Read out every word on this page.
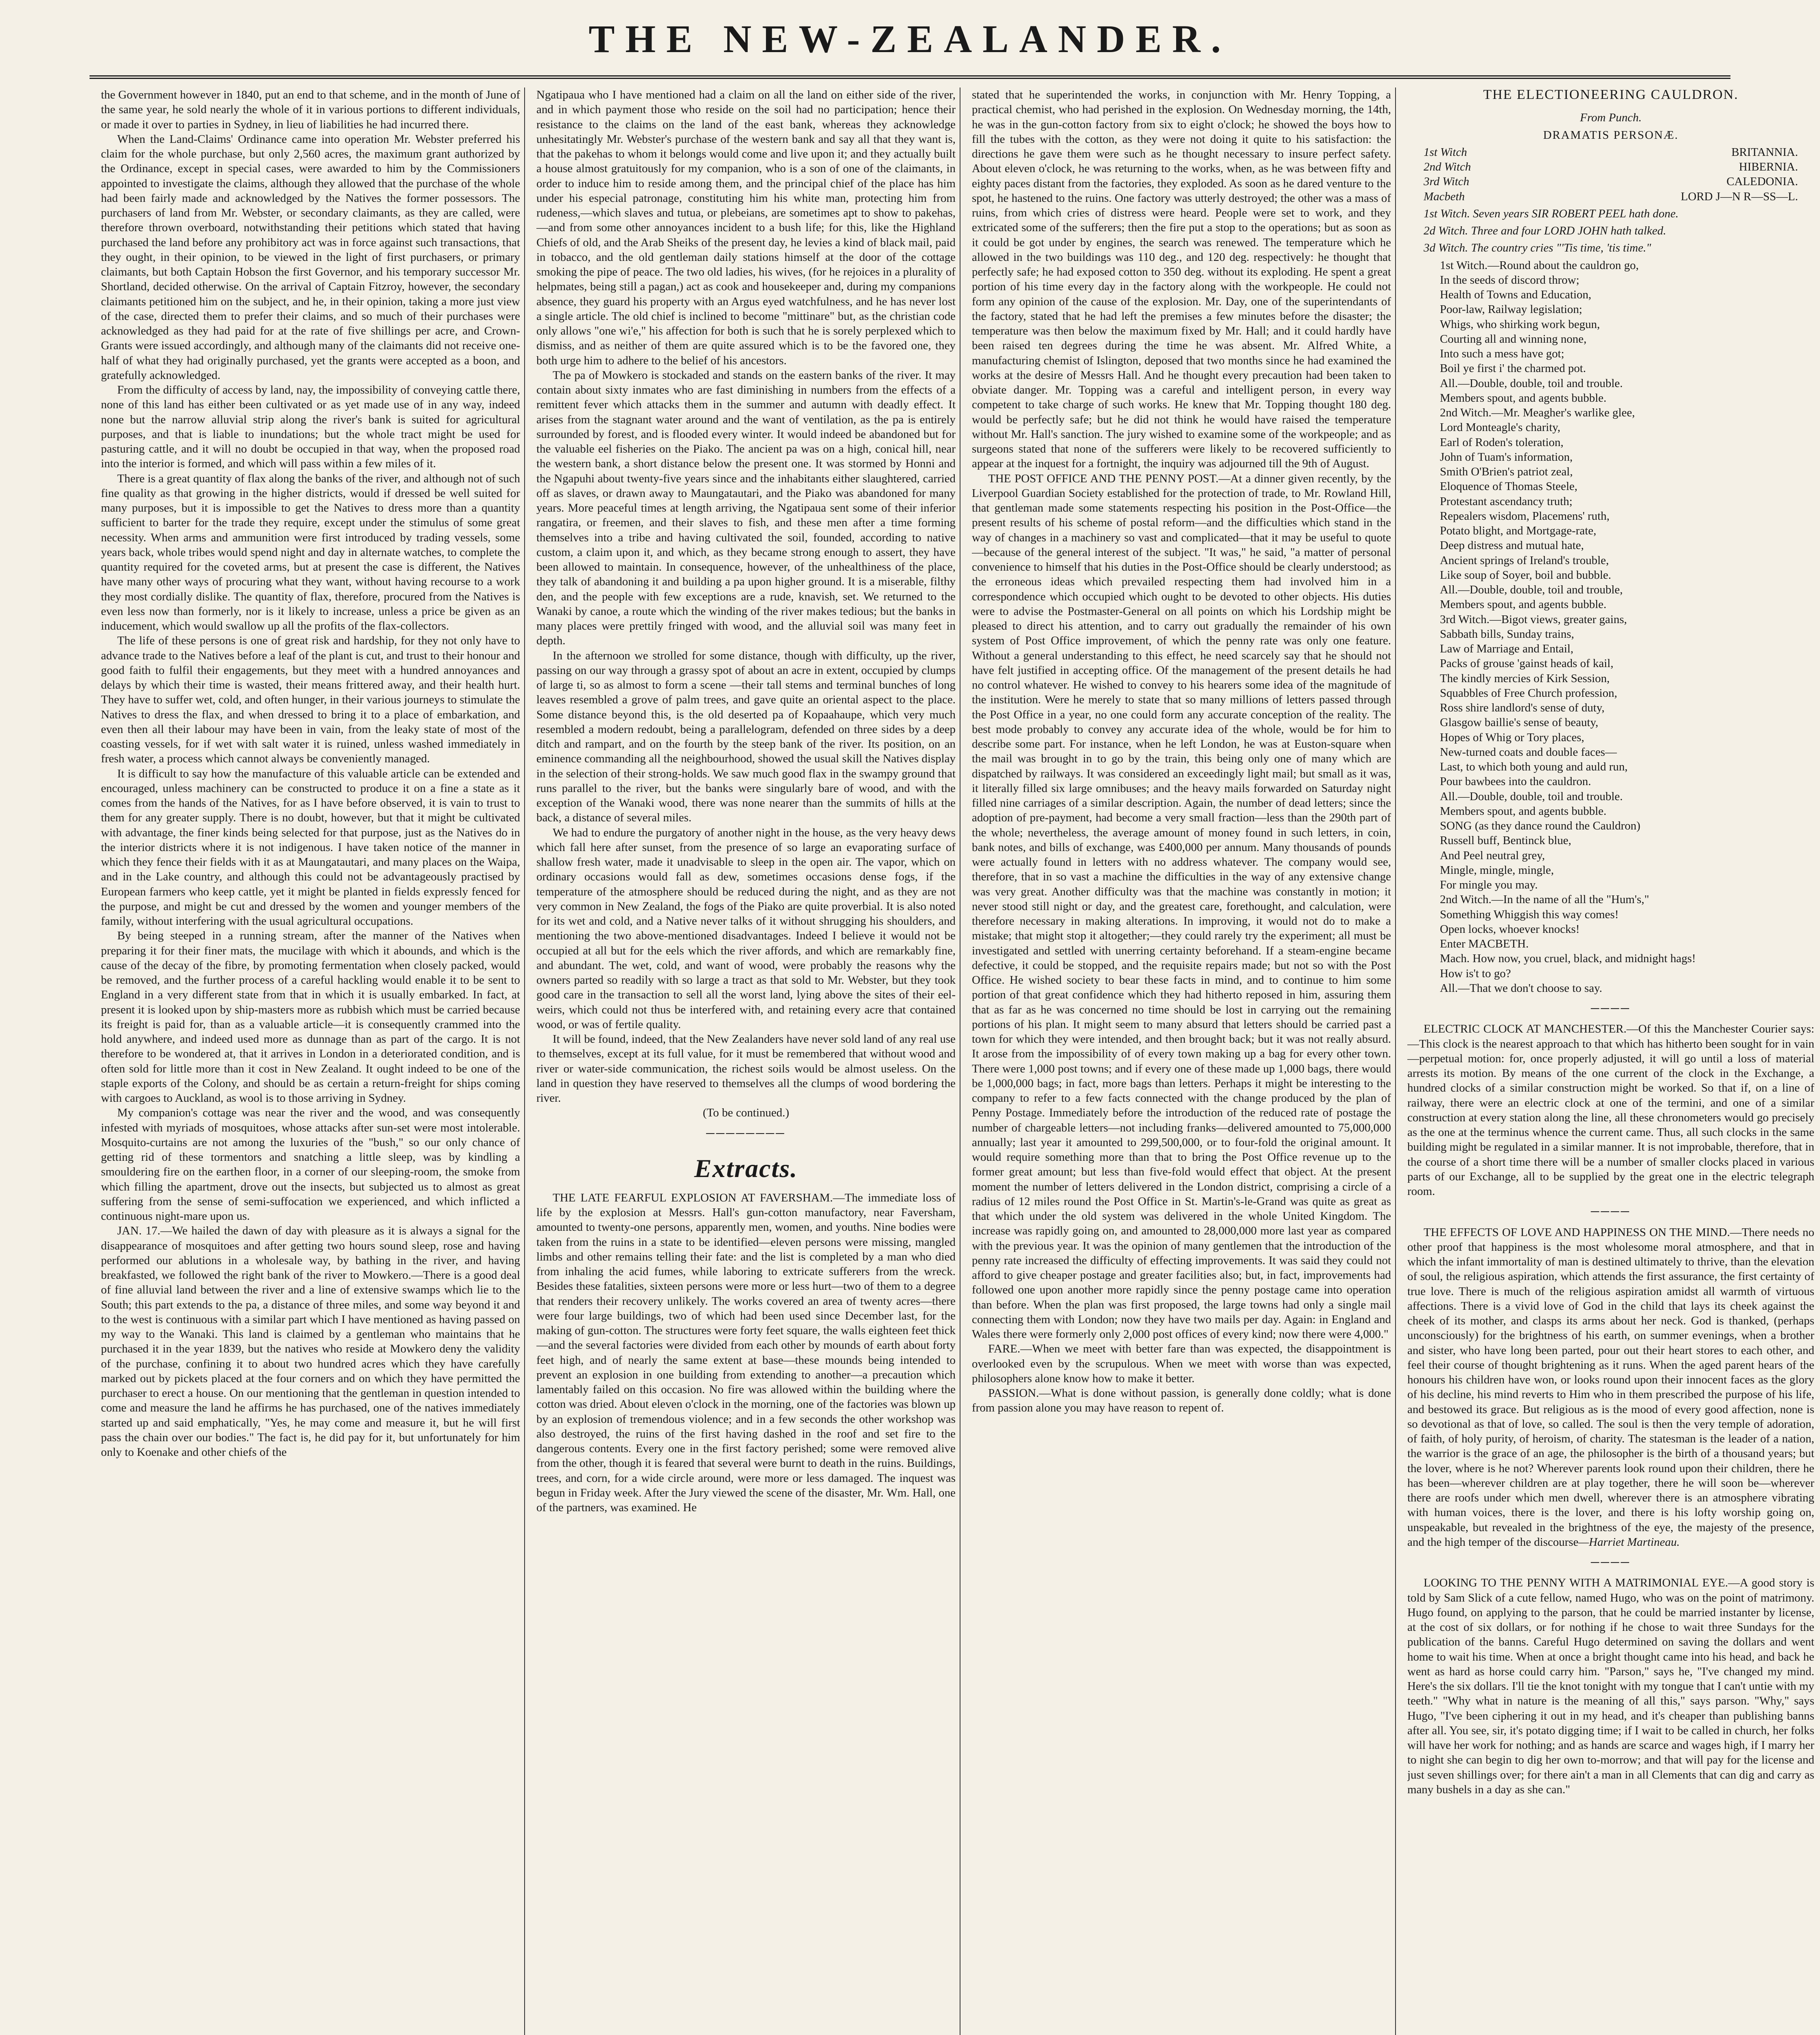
THE NEW-ZEALANDER.

the Government however in 1840, put an end to that scheme, and in the month of June of the same year, he sold nearly the whole of it in various portions to different individuals, or made it over to parties in Sydney, in lieu of liabilities he had incurred there.

When the Land-Claims' Ordinance came into operation Mr. Webster preferred his claim for the whole purchase, but only 2,560 acres, the maximum grant authorized by the Ordinance, except in special cases, were awarded to him by the Commissioners appointed to investigate the claims, although they allowed that the purchase of the whole had been fairly made and acknowledged by the Natives the former possessors. The purchasers of land from Mr. Webster, or secondary claimants, as they are called, were therefore thrown overboard, notwithstanding their petitions which stated that having purchased the land before any prohibitory act was in force against such transactions, that they ought, in their opinion, to be viewed in the light of first purchasers, or primary claimants, but both Captain Hobson the first Governor, and his temporary successor Mr. Shortland, decided otherwise. On the arrival of Captain Fitzroy, however, the secondary claimants petitioned him on the subject, and he, in their opinion, taking a more just view of the case, directed them to prefer their claims, and so much of their purchases were acknowledged as they had paid for at the rate of five shillings per acre, and Crown-Grants were issued accordingly, and although many of the claimants did not receive one-half of what they had originally purchased, yet the grants were accepted as a boon, and gratefully acknowledged.

From the difficulty of access by land, nay, the impossibility of conveying cattle there, none of this land has either been cultivated or as yet made use of in any way, indeed none but the narrow alluvial strip along the river's bank is suited for agricultural purposes, and that is liable to inundations; but the whole tract might be used for pasturing cattle, and it will no doubt be occupied in that way, when the proposed road into the interior is formed, and which will pass within a few miles of it.

There is a great quantity of flax along the banks of the river, and although not of such fine quality as that growing in the higher districts, would if dressed be well suited for many purposes, but it is impossible to get the Natives to dress more than a quantity sufficient to barter for the trade they require, except under the stimulus of some great necessity. When arms and ammunition were first introduced by trading vessels, some years back, whole tribes would spend night and day in alternate watches, to complete the quantity required for the coveted arms, but at present the case is different, the Natives have many other ways of procuring what they want, without having recourse to a work they most cordially dislike. The quantity of flax, therefore, procured from the Natives is even less now than formerly, nor is it likely to increase, unless a price be given as an inducement, which would swallow up all the profits of the flax-collectors.

The life of these persons is one of great risk and hardship, for they not only have to advance trade to the Natives before a leaf of the plant is cut, and trust to their honour and good faith to fulfil their engagements, but they meet with a hundred annoyances and delays by which their time is wasted, their means frittered away, and their health hurt. They have to suffer wet, cold, and often hunger, in their various journeys to stimulate the Natives to dress the flax, and when dressed to bring it to a place of embarkation, and even then all their labour may have been in vain, from the leaky state of most of the coasting vessels, for if wet with salt water it is ruined, unless washed immediately in fresh water, a process which cannot always be conveniently managed.

It is difficult to say how the manufacture of this valuable article can be extended and encouraged, unless machinery can be constructed to produce it on a fine a state as it comes from the hands of the Natives, for as I have before observed, it is vain to trust to them for any greater supply. There is no doubt, however, but that it might be cultivated with advantage, the finer kinds being selected for that purpose, just as the Natives do in the interior districts where it is not indigenous. I have taken notice of the manner in which they fence their fields with it as at Maungatautari, and many places on the Waipa, and in the Lake country, and although this could not be advantageously practised by European farmers who keep cattle, yet it might be planted in fields expressly fenced for the purpose, and might be cut and dressed by the women and younger members of the family, without interfering with the usual agricultural occupations.

By being steeped in a running stream, after the manner of the Natives when preparing it for their finer mats, the mucilage with which it abounds, and which is the cause of the decay of the fibre, by promoting fermentation when closely packed, would be removed, and the further process of a careful hackling would enable it to be sent to England in a very different state from that in which it is usually embarked. In fact, at present it is looked upon by ship-masters more as rubbish which must be carried because its freight is paid for, than as a valuable article—it is consequently crammed into the hold anywhere, and indeed used more as dunnage than as part of the cargo. It is not therefore to be wondered at, that it arrives in London in a deteriorated condition, and is often sold for little more than it cost in New Zealand. It ought indeed to be one of the staple exports of the Colony, and should be as certain a return-freight for ships coming with cargoes to Auckland, as wool is to those arriving in Sydney.

My companion's cottage was near the river and the wood, and was consequently infested with myriads of mosquitoes, whose attacks after sun-set were most intolerable. Mosquito-curtains are not among the luxuries of the "bush," so our only chance of getting rid of these tormentors and snatching a little sleep, was by kindling a smouldering fire on the earthen floor, in a corner of our sleeping-room, the smoke from which filling the apartment, drove out the insects, but subjected us to almost as great suffering from the sense of semi-suffocation we experienced, and which inflicted a continuous night-mare upon us.

JAN. 17.—We hailed the dawn of day with pleasure as it is always a signal for the disappearance of mosquitoes and after getting two hours sound sleep, rose and having performed our ablutions in a wholesale way, by bathing in the river, and having breakfasted, we followed the right bank of the river to Mowkero.—There is a good deal of fine alluvial land between the river and a line of extensive swamps which lie to the South; this part extends to the pa, a distance of three miles, and some way beyond it and to the west is continuous with a similar part which I have mentioned as having passed on my way to the Wanaki. This land is claimed by a gentleman who maintains that he purchased it in the year 1839, but the natives who reside at Mowkero deny the validity of the purchase, confining it to about two hundred acres which they have carefully marked out by pickets placed at the four corners and on which they have permitted the purchaser to erect a house. On our mentioning that the gentleman in question intended to come and measure the land he affirms he has purchased, one of the natives immediately started up and said emphatically, "Yes, he may come and measure it, but he will first pass the chain over our bodies." The fact is, he did pay for it, but unfortunately for him only to Koenake and other chiefs of the

Ngatipaua who I have mentioned had a claim on all the land on either side of the river, and in which payment those who reside on the soil had no participation; hence their resistance to the claims on the land of the east bank, whereas they acknowledge unhesitatingly Mr. Webster's purchase of the western bank and say all that they want is, that the pakehas to whom it belongs would come and live upon it; and they actually built a house almost gratuitously for my companion, who is a son of one of the claimants, in order to induce him to reside among them, and the principal chief of the place has him under his especial patronage, constituting him his white man, protecting him from rudeness,—which slaves and tutua, or plebeians, are sometimes apt to show to pakehas,—and from some other annoyances incident to a bush life; for this, like the Highland Chiefs of old, and the Arab Sheiks of the present day, he levies a kind of black mail, paid in tobacco, and the old gentleman daily stations himself at the door of the cottage smoking the pipe of peace. The two old ladies, his wives, (for he rejoices in a plurality of helpmates, being still a pagan,) act as cook and housekeeper and, during my companions absence, they guard his property with an Argus eyed watchfulness, and he has never lost a single article. The old chief is inclined to become "mittinare" but, as the christian code only allows "one wi'e," his affection for both is such that he is sorely perplexed which to dismiss, and as neither of them are quite assured which is to be the favored one, they both urge him to adhere to the belief of his ancestors.

The pa of Mowkero is stockaded and stands on the eastern banks of the river. It may contain about sixty inmates who are fast diminishing in numbers from the effects of a remittent fever which attacks them in the summer and autumn with deadly effect. It arises from the stagnant water around and the want of ventilation, as the pa is entirely surrounded by forest, and is flooded every winter. It would indeed be abandoned but for the valuable eel fisheries on the Piako. The ancient pa was on a high, conical hill, near the western bank, a short distance below the present one. It was stormed by Honni and the Ngapuhi about twenty-five years since and the inhabitants either slaughtered, carried off as slaves, or drawn away to Maungatautari, and the Piako was abandoned for many years. More peaceful times at length arriving, the Ngatipaua sent some of their inferior rangatira, or freemen, and their slaves to fish, and these men after a time forming themselves into a tribe and having cultivated the soil, founded, according to native custom, a claim upon it, and which, as they became strong enough to assert, they have been allowed to maintain. In consequence, however, of the unhealthiness of the place, they talk of abandoning it and building a pa upon higher ground. It is a miserable, filthy den, and the people with few exceptions are a rude, knavish, set. We returned to the Wanaki by canoe, a route which the winding of the river makes tedious; but the banks in many places were prettily fringed with wood, and the alluvial soil was many feet in depth.

In the afternoon we strolled for some distance, though with difficulty, up the river, passing on our way through a grassy spot of about an acre in extent, occupied by clumps of large ti, so as almost to form a scene —their tall stems and terminal bunches of long leaves resembled a grove of palm trees, and gave quite an oriental aspect to the place. Some distance beyond this, is the old deserted pa of Kopaahaupe, which very much resembled a modern redoubt, being a parallelogram, defended on three sides by a deep ditch and rampart, and on the fourth by the steep bank of the river. Its position, on an eminence commanding all the neighbourhood, showed the usual skill the Natives display in the selection of their strong-holds. We saw much good flax in the swampy ground that runs parallel to the river, but the banks were singularly bare of wood, and with the exception of the Wanaki wood, there was none nearer than the summits of hills at the back, a distance of several miles.

We had to endure the purgatory of another night in the house, as the very heavy dews which fall here after sunset, from the presence of so large an evaporating surface of shallow fresh water, made it unadvisable to sleep in the open air. The vapor, which on ordinary occasions would fall as dew, sometimes occasions dense fogs, if the temperature of the atmosphere should be reduced during the night, and as they are not very common in New Zealand, the fogs of the Piako are quite proverbial. It is also noted for its wet and cold, and a Native never talks of it without shrugging his shoulders, and mentioning the two above-mentioned disadvantages. Indeed I believe it would not be occupied at all but for the eels which the river affords, and which are remarkably fine, and abundant. The wet, cold, and want of wood, were probably the reasons why the owners parted so readily with so large a tract as that sold to Mr. Webster, but they took good care in the transaction to sell all the worst land, lying above the sites of their eel-weirs, which could not thus be interfered with, and retaining every acre that contained wood, or was of fertile quality.

It will be found, indeed, that the New Zealanders have never sold land of any real use to themselves, except at its full value, for it must be remembered that without wood and river or water-side communication, the richest soils would be almost useless. On the land in question they have reserved to themselves all the clumps of wood bordering the river.

(To be continued.)

────────
Extracts.

THE LATE FEARFUL EXPLOSION AT FAVERSHAM.—The immediate loss of life by the explosion at Messrs. Hall's gun-cotton manufactory, near Faversham, amounted to twenty-one persons, apparently men, women, and youths. Nine bodies were taken from the ruins in a state to be identified—eleven persons were missing, mangled limbs and other remains telling their fate: and the list is completed by a man who died from inhaling the acid fumes, while laboring to extricate sufferers from the wreck. Besides these fatalities, sixteen persons were more or less hurt—two of them to a degree that renders their recovery unlikely. The works covered an area of twenty acres—there were four large buildings, two of which had been used since December last, for the making of gun-cotton. The structures were forty feet square, the walls eighteen feet thick—and the several factories were divided from each other by mounds of earth about forty feet high, and of nearly the same extent at base—these mounds being intended to prevent an explosion in one building from extending to another—a precaution which lamentably failed on this occasion. No fire was allowed within the building where the cotton was dried. About eleven o'clock in the morning, one of the factories was blown up by an explosion of tremendous violence; and in a few seconds the other workshop was also destroyed, the ruins of the first having dashed in the roof and set fire to the dangerous contents. Every one in the first factory perished; some were removed alive from the other, though it is feared that several were burnt to death in the ruins. Buildings, trees, and corn, for a wide circle around, were more or less damaged. The inquest was begun in Friday week. After the Jury viewed the scene of the disaster, Mr. Wm. Hall, one of the partners, was examined. He

stated that he superintended the works, in conjunction with Mr. Henry Topping, a practical chemist, who had perished in the explosion. On Wednesday morning, the 14th, he was in the gun-cotton factory from six to eight o'clock; he showed the boys how to fill the tubes with the cotton, as they were not doing it quite to his satisfaction: the directions he gave them were such as he thought necessary to insure perfect safety. About eleven o'clock, he was returning to the works, when, as he was between fifty and eighty paces distant from the factories, they exploded. As soon as he dared venture to the spot, he hastened to the ruins. One factory was utterly destroyed; the other was a mass of ruins, from which cries of distress were heard. People were set to work, and they extricated some of the sufferers; then the fire put a stop to the operations; but as soon as it could be got under by engines, the search was renewed. The temperature which he allowed in the two buildings was 110 deg., and 120 deg. respectively: he thought that perfectly safe; he had exposed cotton to 350 deg. without its exploding. He spent a great portion of his time every day in the factory along with the workpeople. He could not form any opinion of the cause of the explosion. Mr. Day, one of the superintendants of the factory, stated that he had left the premises a few minutes before the disaster; the temperature was then below the maximum fixed by Mr. Hall; and it could hardly have been raised ten degrees during the time he was absent. Mr. Alfred White, a manufacturing chemist of Islington, deposed that two months since he had examined the works at the desire of Messrs Hall. And he thought every precaution had been taken to obviate danger. Mr. Topping was a careful and intelligent person, in every way competent to take charge of such works. He knew that Mr. Topping thought 180 deg. would be perfectly safe; but he did not think he would have raised the temperature without Mr. Hall's sanction. The jury wished to examine some of the workpeople; and as surgeons stated that none of the sufferers were likely to be recovered sufficiently to appear at the inquest for a fortnight, the inquiry was adjourned till the 9th of August.

THE POST OFFICE AND THE PENNY POST.—At a dinner given recently, by the Liverpool Guardian Society established for the protection of trade, to Mr. Rowland Hill, that gentleman made some statements respecting his position in the Post-Office—the present results of his scheme of postal reform—and the difficulties which stand in the way of changes in a machinery so vast and complicated—that it may be useful to quote—because of the general interest of the subject. "It was," he said, "a matter of personal convenience to himself that his duties in the Post-Office should be clearly understood; as the erroneous ideas which prevailed respecting them had involved him in a correspondence which occupied which ought to be devoted to other objects. His duties were to advise the Postmaster-General on all points on which his Lordship might be pleased to direct his attention, and to carry out gradually the remainder of his own system of Post Office improvement, of which the penny rate was only one feature. Without a general understanding to this effect, he need scarcely say that he should not have felt justified in accepting office. Of the management of the present details he had no control whatever. He wished to convey to his hearers some idea of the magnitude of the institution. Were he merely to state that so many millions of letters passed through the Post Office in a year, no one could form any accurate conception of the reality. The best mode probably to convey any accurate idea of the whole, would be for him to describe some part. For instance, when he left London, he was at Euston-square when the mail was brought in to go by the train, this being only one of many which are dispatched by railways. It was considered an exceedingly light mail; but small as it was, it literally filled six large omnibuses; and the heavy mails forwarded on Saturday night filled nine carriages of a similar description. Again, the number of dead letters; since the adoption of pre-payment, had become a very small fraction—less than the 290th part of the whole; nevertheless, the average amount of money found in such letters, in coin, bank notes, and bills of exchange, was £400,000 per annum. Many thousands of pounds were actually found in letters with no address whatever. The company would see, therefore, that in so vast a machine the difficulties in the way of any extensive change was very great. Another difficulty was that the machine was constantly in motion; it never stood still night or day, and the greatest care, forethought, and calculation, were therefore necessary in making alterations. In improving, it would not do to make a mistake; that might stop it altogether;—they could rarely try the experiment; all must be investigated and settled with unerring certainty beforehand. If a steam-engine became defective, it could be stopped, and the requisite repairs made; but not so with the Post Office. He wished society to bear these facts in mind, and to continue to him some portion of that great confidence which they had hitherto reposed in him, assuring them that as far as he was concerned no time should be lost in carrying out the remaining portions of his plan. It might seem to many absurd that letters should be carried past a town for which they were intended, and then brought back; but it was not really absurd. It arose from the impossibility of of every town making up a bag for every other town. There were 1,000 post towns; and if every one of these made up 1,000 bags, there would be 1,000,000 bags; in fact, more bags than letters. Perhaps it might be interesting to the company to refer to a few facts connected with the change produced by the plan of Penny Postage. Immediately before the introduction of the reduced rate of postage the number of chargeable letters—not including franks—delivered amounted to 75,000,000 annually; last year it amounted to 299,500,000, or to four-fold the original amount. It would require something more than that to bring the Post Office revenue up to the former great amount; but less than five-fold would effect that object. At the present moment the number of letters delivered in the London district, comprising a circle of a radius of 12 miles round the Post Office in St. Martin's-le-Grand was quite as great as that which under the old system was delivered in the whole United Kingdom. The increase was rapidly going on, and amounted to 28,000,000 more last year as compared with the previous year. It was the opinion of many gentlemen that the introduction of the penny rate increased the difficulty of effecting improvements. It was said they could not afford to give cheaper postage and greater facilities also; but, in fact, improvements had followed one upon another more rapidly since the penny postage came into operation than before. When the plan was first proposed, the large towns had only a single mail connecting them with London; now they have two mails per day. Again: in England and Wales there were formerly only 2,000 post offices of every kind; now there were 4,000."

FARE.—When we meet with better fare than was expected, the disappointment is overlooked even by the scrupulous. When we meet with worse than was expected, philosophers alone know how to make it better.

PASSION.—What is done without passion, is generally done coldly; what is done from passion alone you may have reason to repent of.

THE ELECTIONEERING CAULDRON.
From Punch.
DRAMATIS PERSONÆ.
1st Witch	BRITANNIA.
2nd Witch	HIBERNIA.
3rd Witch	CALEDONIA.
Macbeth	LORD J—N R—SS—L.

1st Witch. Seven years SIR ROBERT PEEL hath done.

2d Witch. Three and four LORD JOHN hath talked.

3d Witch. The country cries "'Tis time, 'tis time."

1st Witch.—Round about the cauldron go,

In the seeds of discord throw;

Health of Towns and Education,

Poor-law, Railway legislation;

Whigs, who shirking work begun,

Courting all and winning none,

Into such a mess have got;

Boil ye first i' the charmed pot.

All.—Double, double, toil and trouble.

Members spout, and agents bubble.

2nd Witch.—Mr. Meagher's warlike glee,

Lord Monteagle's charity,

Earl of Roden's toleration,

John of Tuam's information,

Smith O'Brien's patriot zeal,

Eloquence of Thomas Steele,

Protestant ascendancy truth;

Repealers wisdom, Placemens' ruth,

Potato blight, and Mortgage-rate,

Deep distress and mutual hate,

Ancient springs of Ireland's trouble,

Like soup of Soyer, boil and bubble.

All.—Double, double, toil and trouble,

Members spout, and agents bubble.

3rd Witch.—Bigot views, greater gains,

Sabbath bills, Sunday trains,

Law of Marriage and Entail,

Packs of grouse 'gainst heads of kail,

The kindly mercies of Kirk Session,

Squabbles of Free Church profession,

Ross shire landlord's sense of duty,

Glasgow baillie's sense of beauty,

Hopes of Whig or Tory places,

New-turned coats and double faces—

Last, to which both young and auld run,

Pour bawbees into the cauldron.

All.—Double, double, toil and trouble.

Members spout, and agents bubble.

SONG (as they dance round the Cauldron)

Russell buff, Bentinck blue,

And Peel neutral grey,

Mingle, mingle, mingle,

For mingle you may.

2nd Witch.—In the name of all the "Hum's,"

Something Whiggish this way comes!

Open locks, whoever knocks!

Enter MACBETH.

Mach. How now, you cruel, black, and midnight hags!

How is't to go?

All.—That we don't choose to say.

────

ELECTRIC CLOCK AT MANCHESTER.—Of this the Manchester Courier says:—This clock is the nearest approach to that which has hitherto been sought for in vain—perpetual motion: for, once properly adjusted, it will go until a loss of material arrests its motion. By means of the one current of the clock in the Exchange, a hundred clocks of a similar construction might be worked. So that if, on a line of railway, there were an electric clock at one of the termini, and one of a similar construction at every station along the line, all these chronometers would go precisely as the one at the terminus whence the current came. Thus, all such clocks in the same building might be regulated in a similar manner. It is not improbable, therefore, that in the course of a short time there will be a number of smaller clocks placed in various parts of our Exchange, all to be supplied by the great one in the electric telegraph room.

────

THE EFFECTS OF LOVE AND HAPPINESS ON THE MIND.—There needs no other proof that happiness is the most wholesome moral atmosphere, and that in which the infant immortality of man is destined ultimately to thrive, than the elevation of soul, the religious aspiration, which attends the first assurance, the first certainty of true love. There is much of the religious aspiration amidst all warmth of virtuous affections. There is a vivid love of God in the child that lays its cheek against the cheek of its mother, and clasps its arms about her neck. God is thanked, (perhaps unconsciously) for the brightness of his earth, on summer evenings, when a brother and sister, who have long been parted, pour out their heart stores to each other, and feel their course of thought brightening as it runs. When the aged parent hears of the honours his children have won, or looks round upon their innocent faces as the glory of his decline, his mind reverts to Him who in them prescribed the purpose of his life, and bestowed its grace. But religious as is the mood of every good affection, none is so devotional as that of love, so called. The soul is then the very temple of adoration, of faith, of holy purity, of heroism, of charity. The statesman is the leader of a nation, the warrior is the grace of an age, the philosopher is the birth of a thousand years; but the lover, where is he not? Wherever parents look round upon their children, there he has been—wherever children are at play together, there he will soon be—wherever there are roofs under which men dwell, wherever there is an atmosphere vibrating with human voices, there is the lover, and there is his lofty worship going on, unspeakable, but revealed in the brightness of the eye, the majesty of the presence, and the high temper of the discourse—Harriet Martineau.

────

LOOKING TO THE PENNY WITH A MATRIMONIAL EYE.—A good story is told by Sam Slick of a cute fellow, named Hugo, who was on the point of matrimony. Hugo found, on applying to the parson, that he could be married instanter by license, at the cost of six dollars, or for nothing if he chose to wait three Sundays for the publication of the banns. Careful Hugo determined on saving the dollars and went home to wait his time. When at once a bright thought came into his head, and back he went as hard as horse could carry him. "Parson," says he, "I've changed my mind. Here's the six dollars. I'll tie the knot tonight with my tongue that I can't untie with my teeth." "Why what in nature is the meaning of all this," says parson. "Why," says Hugo, "I've been ciphering it out in my head, and it's cheaper than publishing banns after all. You see, sir, it's potato digging time; if I wait to be called in church, her folks will have her work for nothing; and as hands are scarce and wages high, if I marry her to night she can begin to dig her own to-morrow; and that will pay for the license and just seven shillings over; for there ain't a man in all Clements that can dig and carry as many bushels in a day as she can."
